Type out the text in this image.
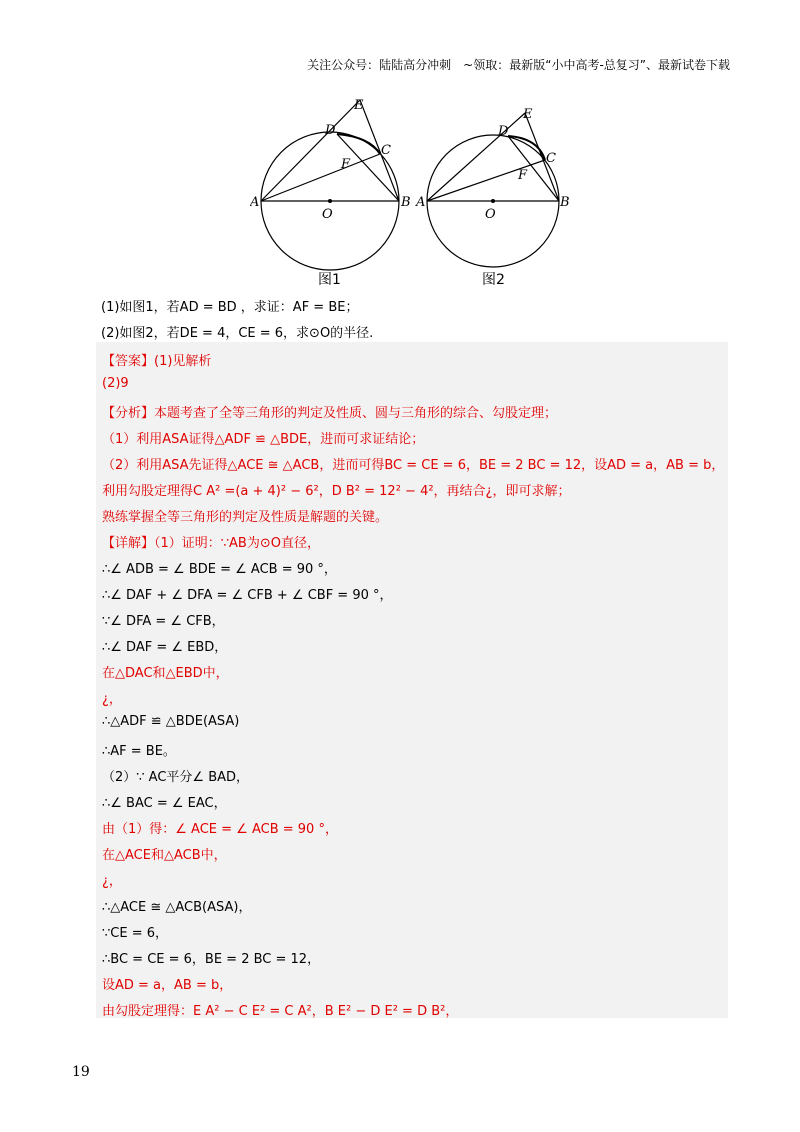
关注公众号：陆陆高分冲刺　~领取：最新版“小中高考-总复习”、最新试卷下载
E
D
C
F
A	B
O
图1
E
D
C
F
A	B
O
图2
(1)如图1，若AD = BD ，求证：AF = BE；
(2)如图2，若DE = 4，CE = 6，求⊙O的半径.
【答案】(1)见解析
(2)9
【分析】本题考查了全等三角形的判定及性质、圆与三角形的综合、勾股定理；
（1）利用ASA证得△ADF ≌ △BDE，进而可求证结论；
（2）利用ASA先证得△ACE ≅ △ACB，进而可得BC = CE = 6，BE = 2 BC = 12，设AD = a，AB = b，
利用勾股定理得C A² =(a + 4)² − 6²，D B² = 12² − 4²，再结合¿，即可求解；
熟练掌握全等三角形的判定及性质是解题的关键。
【详解】（1）证明：∵AB为⊙O直径，
∴∠ ADB = ∠ BDE = ∠ ACB = 90 °，
∴∠ DAF + ∠ DFA = ∠ CFB + ∠ CBF = 90 °，
∵∠ DFA = ∠ CFB，
∴∠ DAF = ∠ EBD，
在△DAC和△EBD中，
¿，
∴△ADF ≌ △BDE(ASA)
∴AF = BE。
（2）∵ AC平分∠ BAD，
∴∠ BAC = ∠ EAC，
由（1）得：∠ ACE = ∠ ACB = 90 °，
在△ACE和△ACB中，
¿，
∴△ACE ≅ △ACB(ASA)，
∵CE = 6，
∴BC = CE = 6，BE = 2 BC = 12，
设AD = a，AB = b，
由勾股定理得：E A² − C E² = C A²，B E² − D E² = D B²，
19
